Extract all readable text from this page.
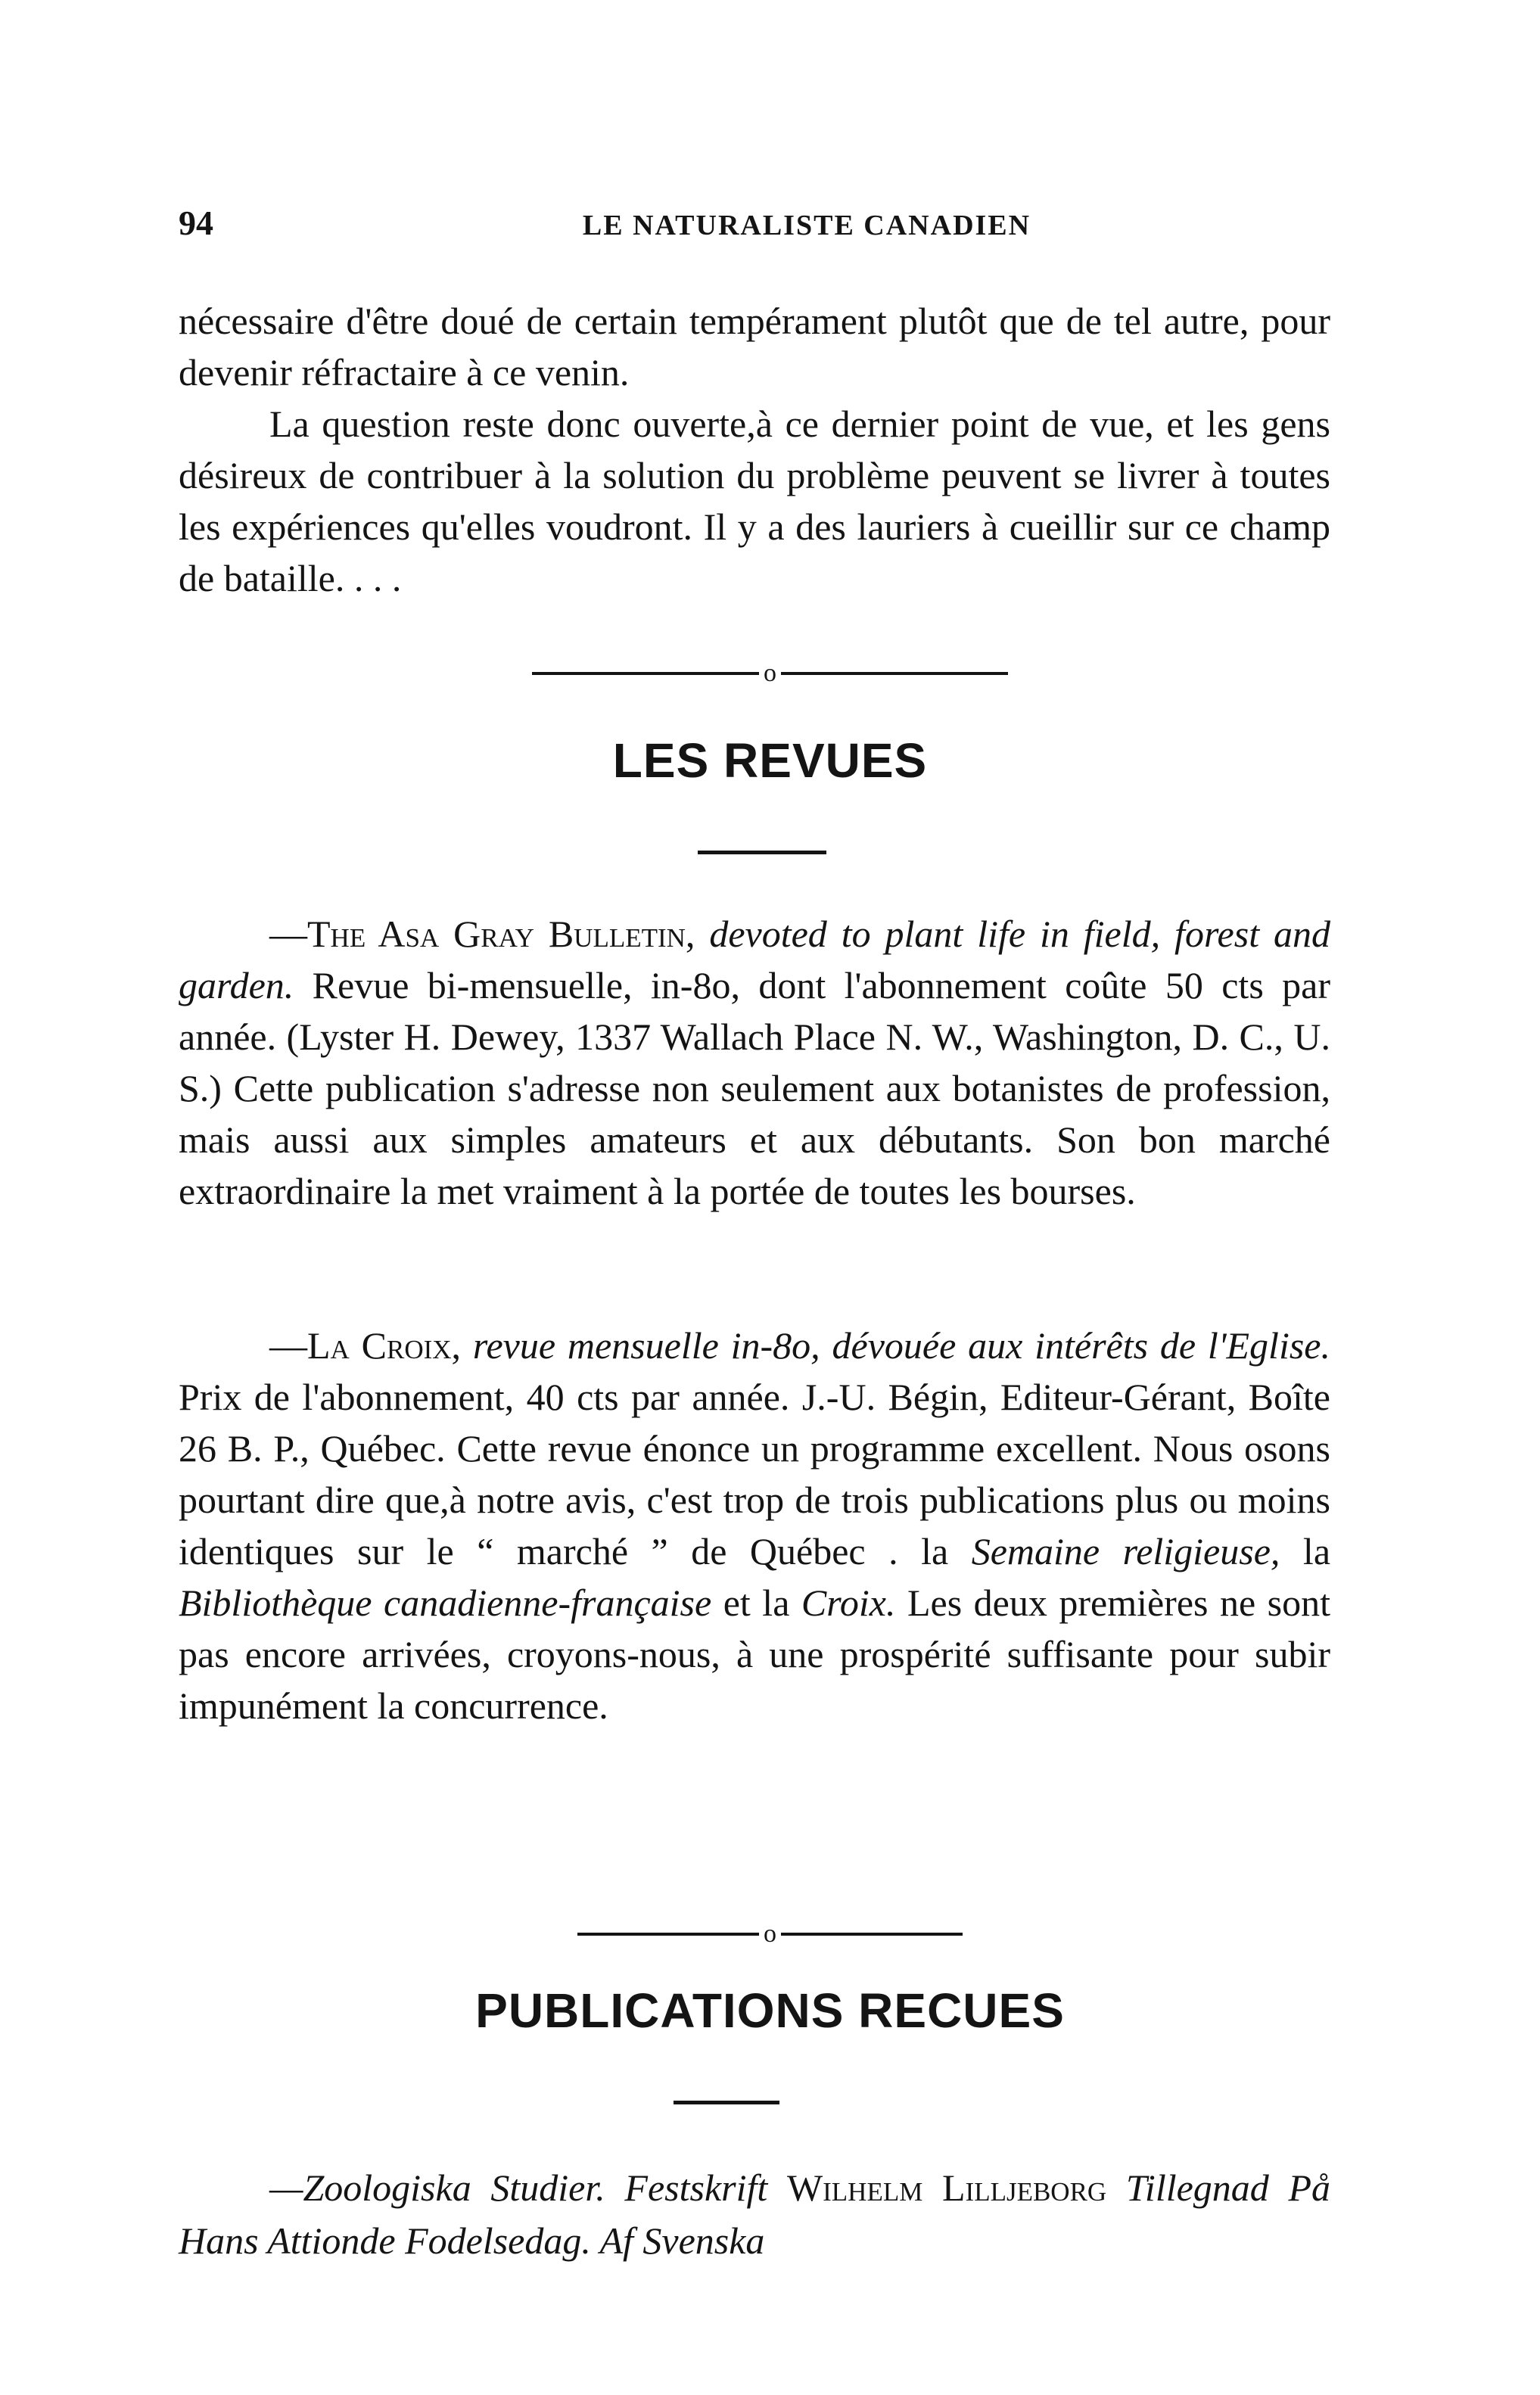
94	LE NATURALISTE CANADIEN

nécessaire d'être doué de certain tempérament plutôt que de tel autre, pour devenir réfractaire à ce venin.

La question reste donc ouverte,à ce dernier point de vue, et les gens désireux de contribuer à la solution du problème peuvent se livrer à toutes les expériences qu'elles voudront. Il y a des lauriers à cueillir sur ce champ de bataille. . . .

o
LES REVUES

—The Asa Gray Bulletin, devoted to plant life in field, forest and garden. Revue bi-mensuelle, in-8o, dont l'abonnement coûte 50 cts par année. (Lyster H. Dewey, 1337 Wallach Place N. W., Washington, D. C., U. S.) Cette publication s'adresse non seulement aux botanistes de profession, mais aussi aux simples amateurs et aux débutants. Son bon marché extraordinaire la met vraiment à la portée de toutes les bourses.

—La Croix, revue mensuelle in-8o, dévouée aux intérêts de l'Eglise. Prix de l'abonnement, 40 cts par année. J.-U. Bégin, Editeur-Gérant, Boîte 26 B. P., Québec. Cette revue énonce un programme excellent. Nous osons pourtant dire que,à notre avis, c'est trop de trois publications plus ou moins identiques sur le “ marché ” de Québec . la Semaine religieuse, la Bibliothèque canadienne-française et la Croix. Les deux premières ne sont pas encore arrivées, croyons-nous, à une prospérité suffisante pour subir impunément la concurrence.

o
PUBLICATIONS RECUES

—Zoologiska Studier. Festskrift Wilhelm Lilljeborg Tillegnad På Hans Attionde Fodelsedag. Af Svenska
